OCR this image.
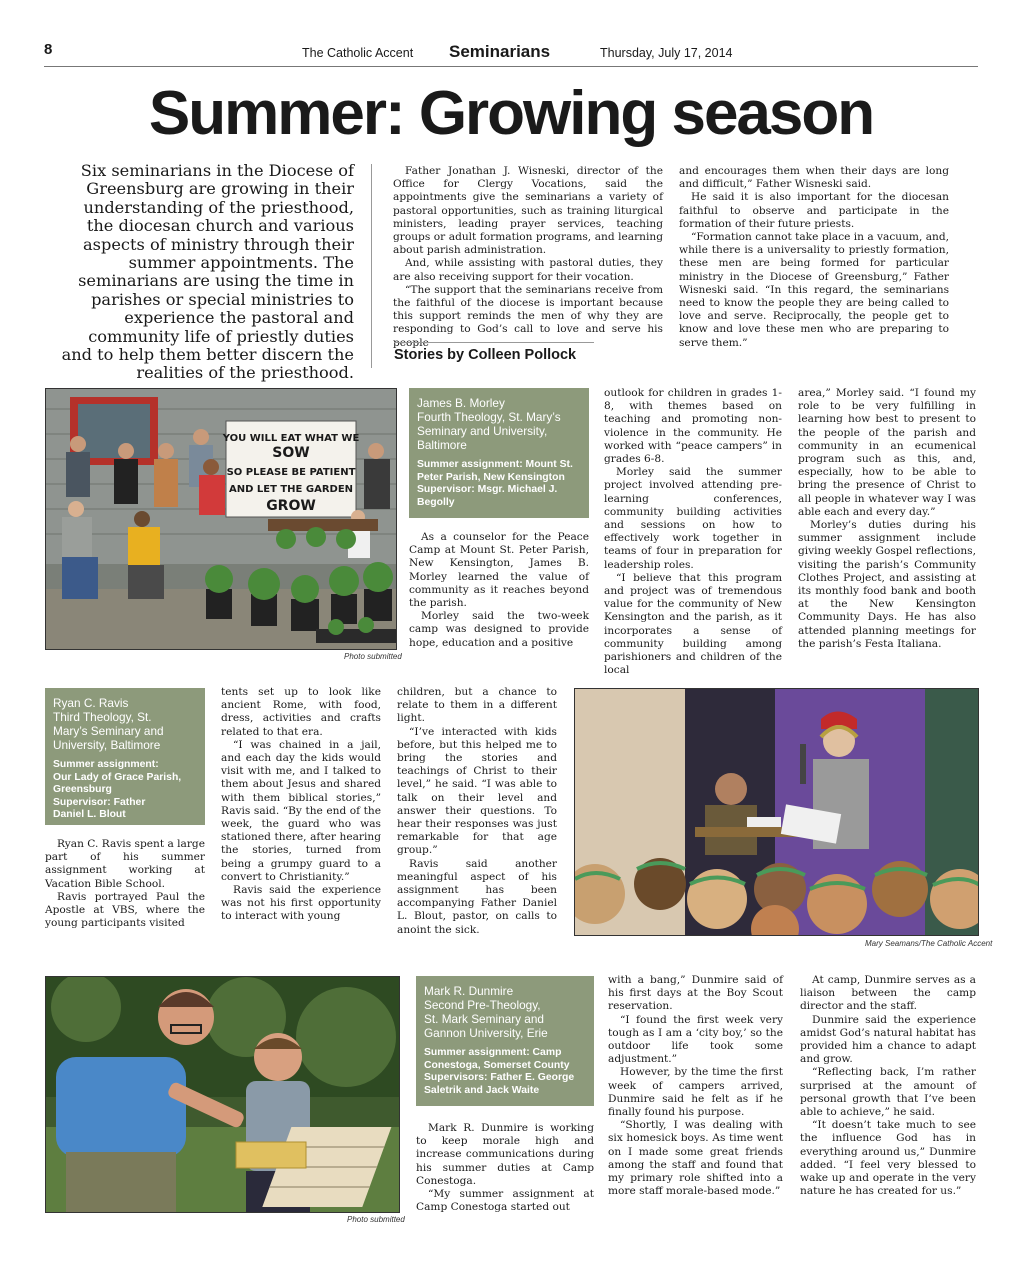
8	The Catholic Accent Seminarians	Thursday, July 17, 2014
Summer: Growing season
Six seminarians in the Diocese of Greensburg are growing in their understanding of the priesthood, the diocesan church and various aspects of ministry through their summer appointments. The seminarians are using the time in parishes or special ministries to experience the pastoral and community life of priestly duties and to help them better discern the realities of the priesthood.

Father Jonathan J. Wisneski, director of the Office for Clergy Vocations, said the appointments give the seminarians a variety of pastoral opportunities, such as training liturgical ministers, leading prayer services, teaching groups or adult formation programs, and learning about parish administration.

And, while assisting with pastoral duties, they are also receiving support for their vocation.

“The support that the seminarians receive from the faithful of the diocese is important because this support reminds the men of why they are responding to God’s call to love and serve his

and encourages them when their days are long and difficult,” Father Wisneski said.

He said it is also important for the diocesan faithful to observe and participate in the formation of their future priests.

“Formation cannot take place in a vacuum, and, while there is a universality to priestly formation, these men are being formed for particular ministry in the Diocese of Greensburg,” Father Wisneski said. “In this regard, the seminarians need to know the people they are being called to love and serve. Reciprocally, the people get to know and love these men who are preparing to serve them.”

Stories by Colleen Pollock
YOU WILL EAT WHAT WE
SOW
SO PLEASE BE PATIENT
AND LET THE GARDEN
GROW
Photo submitted
James B. Morley
Fourth Theology, St. Mary’s
Seminary and University,
Baltimore
Summer assignment: Mount St.
Peter Parish, New Kensington
Supervisor: Msgr. Michael J.
Begolly

As a counselor for the Peace Camp at Mount St. Peter Parish, New Kensington, James B. Morley learned the value of community as it reaches beyond the parish.

Morley said the two-week camp was designed to provide hope, education and a positive

outlook for children in grades 1-8, with themes based on teaching and promoting non-violence in the community. He worked with “peace campers” in grades 6-8.

Morley said the summer project involved attending pre-learning conferences, community building activities and sessions on how to effectively work together in teams of four in preparation for leadership roles.

“I believe that this program and project was of tremendous value for the community of New Kensington and the parish, as it incorporates a sense of community building among parishioners and children of the local

area,” Morley said. “I found my role to be very fulfilling in learning how best to present to the people of the parish and community in an ecumenical program such as this, and, especially, how to be able to bring the presence of Christ to all people in whatever way I was able each and every day.”

Morley’s duties during his summer assignment include giving weekly Gospel reflections, visiting the parish’s Community Clothes Project, and assisting at its monthly food bank and booth at the New Kensington Community Days. He has also attended planning meetings for the parish’s Festa Italiana.

Ryan C. Ravis
Third Theology, St.
Mary’s Seminary and
University, Baltimore
Summer assignment:
Our Lady of Grace Parish,
Greensburg
Supervisor: Father
Daniel L. Blout

Ryan C. Ravis spent a large part of his summer assignment working at Vacation Bible School.

Ravis portrayed Paul the Apostle at VBS, where the young participants visited

tents set up to look like ancient Rome, with food, dress, activities and crafts related to that era.

“I was chained in a jail, and each day the kids would visit with me, and I talked to them about Jesus and shared with them biblical stories,” Ravis said. “By the end of the week, the guard who was stationed there, after hearing the stories, turned from being a grumpy guard to a convert to Christianity.”

Ravis said the experience was not his first opportunity to interact with young

children, but a chance to relate to them in a different light.

“I’ve interacted with kids before, but this helped me to bring the stories and teachings of Christ to their level,” he said. “I was able to talk on their level and answer their questions. To hear their responses was just remarkable for that age group.”

Ravis said another meaningful aspect of his assignment has been accompanying Father Daniel L. Blout, pastor, on calls to anoint the sick.

Mary Seamans/The Catholic Accent
Photo submitted
Mark R. Dunmire
Second Pre-Theology,
St. Mark Seminary and
Gannon University, Erie
Summer assignment: Camp
Conestoga, Somerset County
Supervisors: Father E. George
Saletrik and Jack Waite

Mark R. Dunmire is working to keep morale high and increase communications during his summer duties at Camp Conestoga.

“My summer assignment at Camp Conestoga started out

with a bang,” Dunmire said of his first days at the Boy Scout reservation.

“I found the first week very tough as I am a ‘city boy,’ so the outdoor life took some adjustment.”

However, by the time the first week of campers arrived, Dunmire said he felt as if he finally found his purpose.

“Shortly, I was dealing with six homesick boys. As time went on I made some great friends among the staff and found that my primary role shifted into a more staff morale-based mode.”

At camp, Dunmire serves as a liaison between the camp director and the staff.

Dunmire said the experience amidst God’s natural habitat has provided him a chance to adapt and grow.

“Reflecting back, I’m rather surprised at the amount of personal growth that I’ve been able to achieve,” he said.

“It doesn’t take much to see the influence God has in everything around us,” Dunmire added. “I feel very blessed to wake up and operate in the very nature he has created for us.”
